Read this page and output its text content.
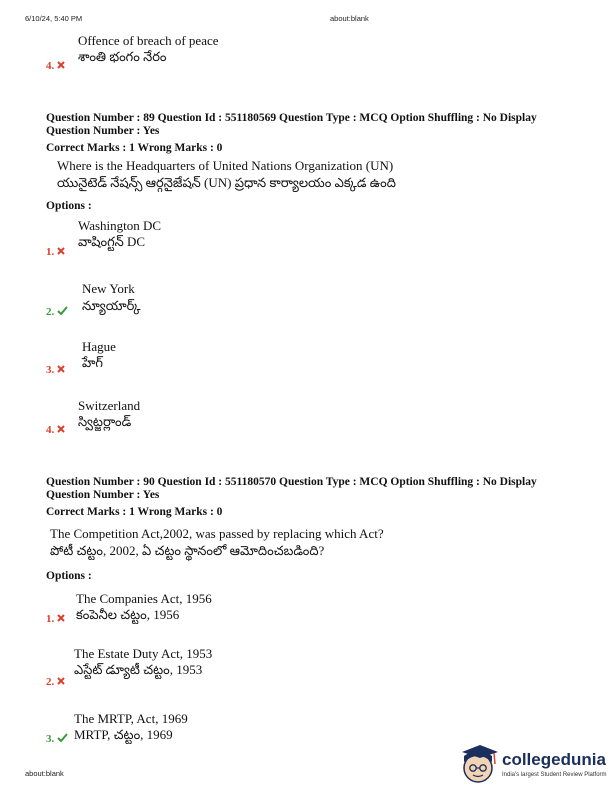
6/10/24, 5:40 PM	about:blank
Offence of breach of peace
శాంతి భంగం నేరం
4.
Question Number : 89 Question Id : 551180569 Question Type : MCQ Option Shuffling : No Display
Question Number : Yes
Correct Marks : 1 Wrong Marks : 0
Where is the Headquarters of United Nations Organization (UN)
యునైటెడ్ నేషన్స్ ఆర్గనైజేషన్ (UN) ప్రధాన కార్యాలయం ఎక్కడ ఉంది
Options :
Washington DC
వాషింగ్టన్ DC
1.
New York
న్యూయార్క్
2.
Hague
హేగ్
3.
Switzerland
స్విట్జర్లాండ్
4.
Question Number : 90 Question Id : 551180570 Question Type : MCQ Option Shuffling : No Display
Question Number : Yes
Correct Marks : 1 Wrong Marks : 0
The Competition Act,2002, was passed by replacing which Act?
పోటీ చట్టం, 2002, ఏ చట్టం స్థానంలో ఆమోదించబడింది?
Options :
The Companies Act, 1956
కంపెనీల చట్టం, 1956
1.
The Estate Duty Act, 1953
ఎస్టేట్ డ్యూటీ చట్టం, 1953
2.
The MRTP, Act, 1969
MRTP, చట్టం, 1969
3.
about:blank
collegedunia
India's largest Student Review Platform
